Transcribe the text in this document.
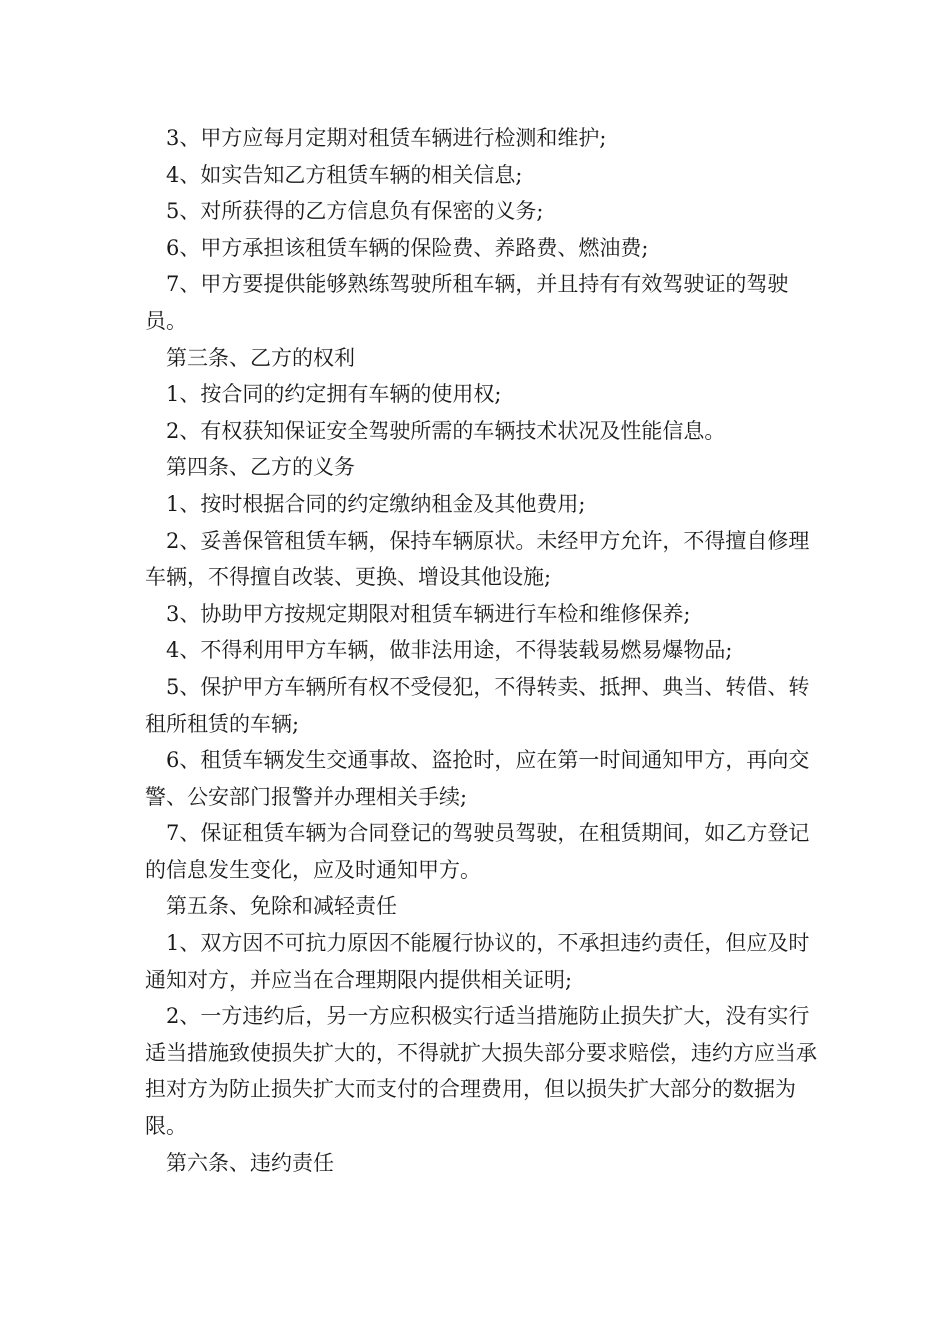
3、甲方应每月定期对租赁车辆进行检测和维护;

4、如实告知乙方租赁车辆的相关信息;

5、对所获得的乙方信息负有保密的义务;

6、甲方承担该租赁车辆的保险费、养路费、燃油费;

7、甲方要提供能够熟练驾驶所租车辆，并且持有有效驾驶证的驾驶员。

第三条、乙方的权利

1、按合同的约定拥有车辆的使用权;

2、有权获知保证安全驾驶所需的车辆技术状况及性能信息。

第四条、乙方的义务

1、按时根据合同的约定缴纳租金及其他费用;

2、妥善保管租赁车辆，保持车辆原状。未经甲方允许，不得擅自修理车辆，不得擅自改装、更换、增设其他设施;

3、协助甲方按规定期限对租赁车辆进行车检和维修保养;

4、不得利用甲方车辆，做非法用途，不得装载易燃易爆物品;

5、保护甲方车辆所有权不受侵犯，不得转卖、抵押、典当、转借、转租所租赁的车辆;

6、租赁车辆发生交通事故、盗抢时，应在第一时间通知甲方，再向交警、公安部门报警并办理相关手续;

7、保证租赁车辆为合同登记的驾驶员驾驶，在租赁期间，如乙方登记的信息发生变化，应及时通知甲方。

第五条、免除和减轻责任

1、双方因不可抗力原因不能履行协议的，不承担违约责任，但应及时通知对方，并应当在合理期限内提供相关证明;

2、一方违约后，另一方应积极实行适当措施防止损失扩大，没有实行适当措施致使损失扩大的，不得就扩大损失部分要求赔偿，违约方应当承担对方为防止损失扩大而支付的合理费用，但以损失扩大部分的数据为限。

第六条、违约责任
